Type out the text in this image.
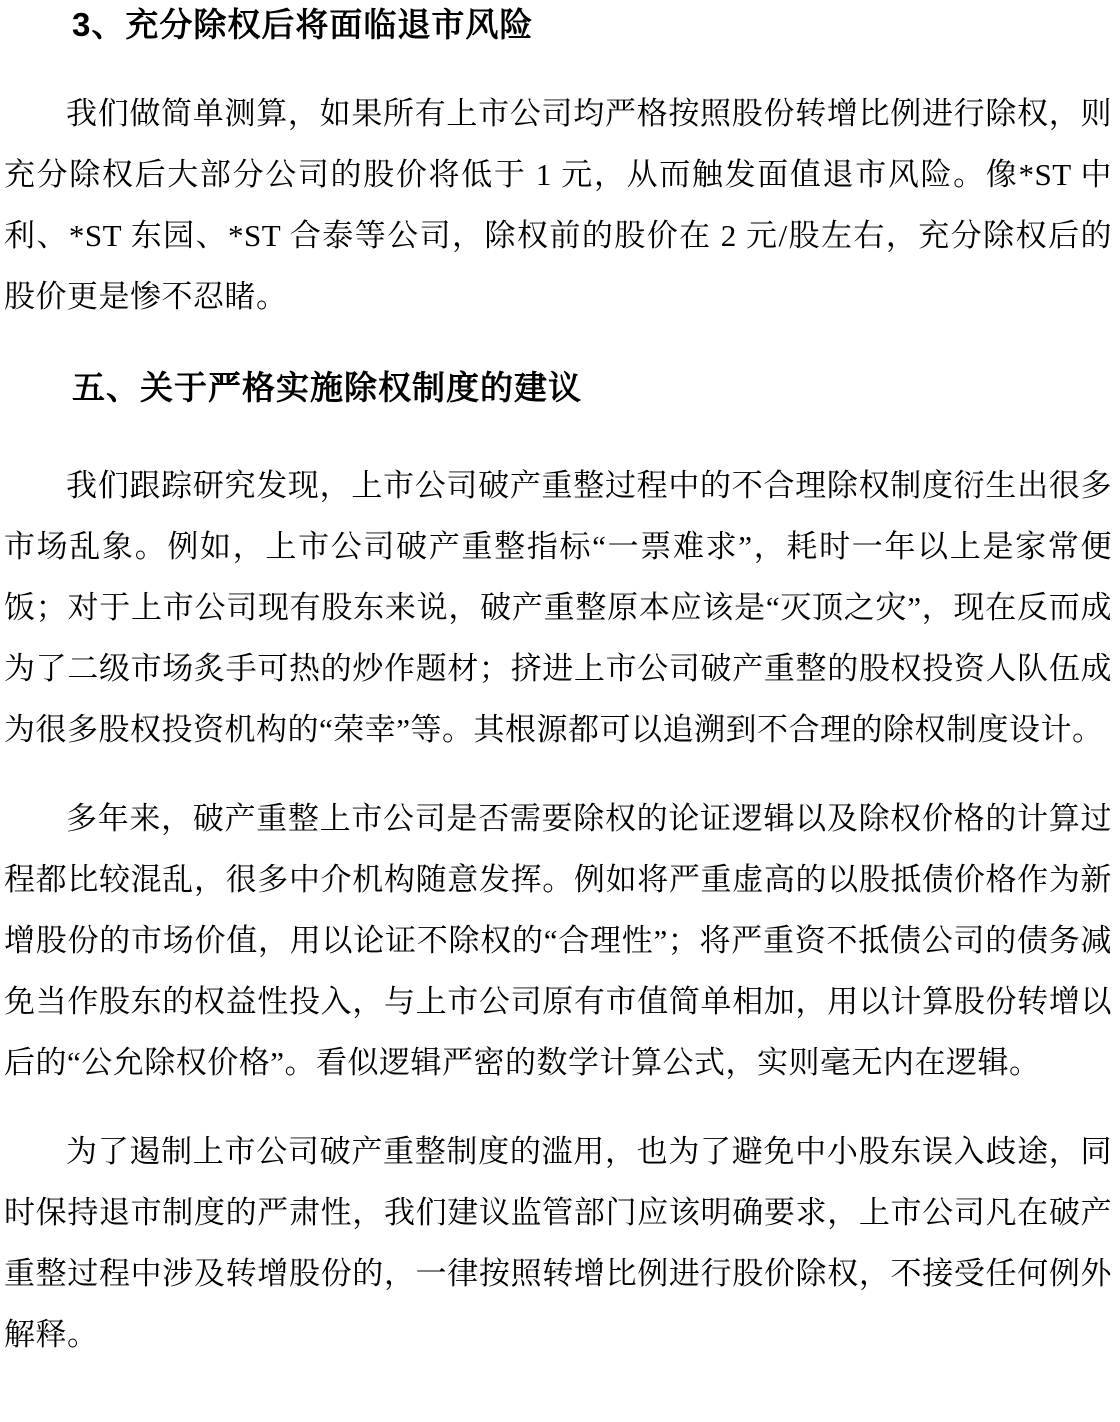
3、充分除权后将面临退市风险

我们做简单测算，如果所有上市公司均严格按照股份转增比例进行除权，则充分除权后大部分公司的股价将低于 1 元，从而触发面值退市风险。像*ST 中利、*ST 东园、*ST 合泰等公司，除权前的股价在 2 元/股左右，充分除权后的股价更是惨不忍睹。

五、关于严格实施除权制度的建议

我们跟踪研究发现，上市公司破产重整过程中的不合理除权制度衍生出很多市场乱象。例如，上市公司破产重整指标“一票难求”，耗时一年以上是家常便饭；对于上市公司现有股东来说，破产重整原本应该是“灭顶之灾”，现在反而成为了二级市场炙手可热的炒作题材；挤进上市公司破产重整的股权投资人队伍成为很多股权投资机构的“荣幸”等。其根源都可以追溯到不合理的除权制度设计。

多年来，破产重整上市公司是否需要除权的论证逻辑以及除权价格的计算过程都比较混乱，很多中介机构随意发挥。例如将严重虚高的以股抵债价格作为新增股份的市场价值，用以论证不除权的“合理性”；将严重资不抵债公司的债务减免当作股东的权益性投入，与上市公司原有市值简单相加，用以计算股份转增以后的“公允除权价格”。看似逻辑严密的数学计算公式，实则毫无内在逻辑。

为了遏制上市公司破产重整制度的滥用，也为了避免中小股东误入歧途，同时保持退市制度的严肃性，我们建议监管部门应该明确要求，上市公司凡在破产重整过程中涉及转增股份的，一律按照转增比例进行股价除权，不接受任何例外解释。
